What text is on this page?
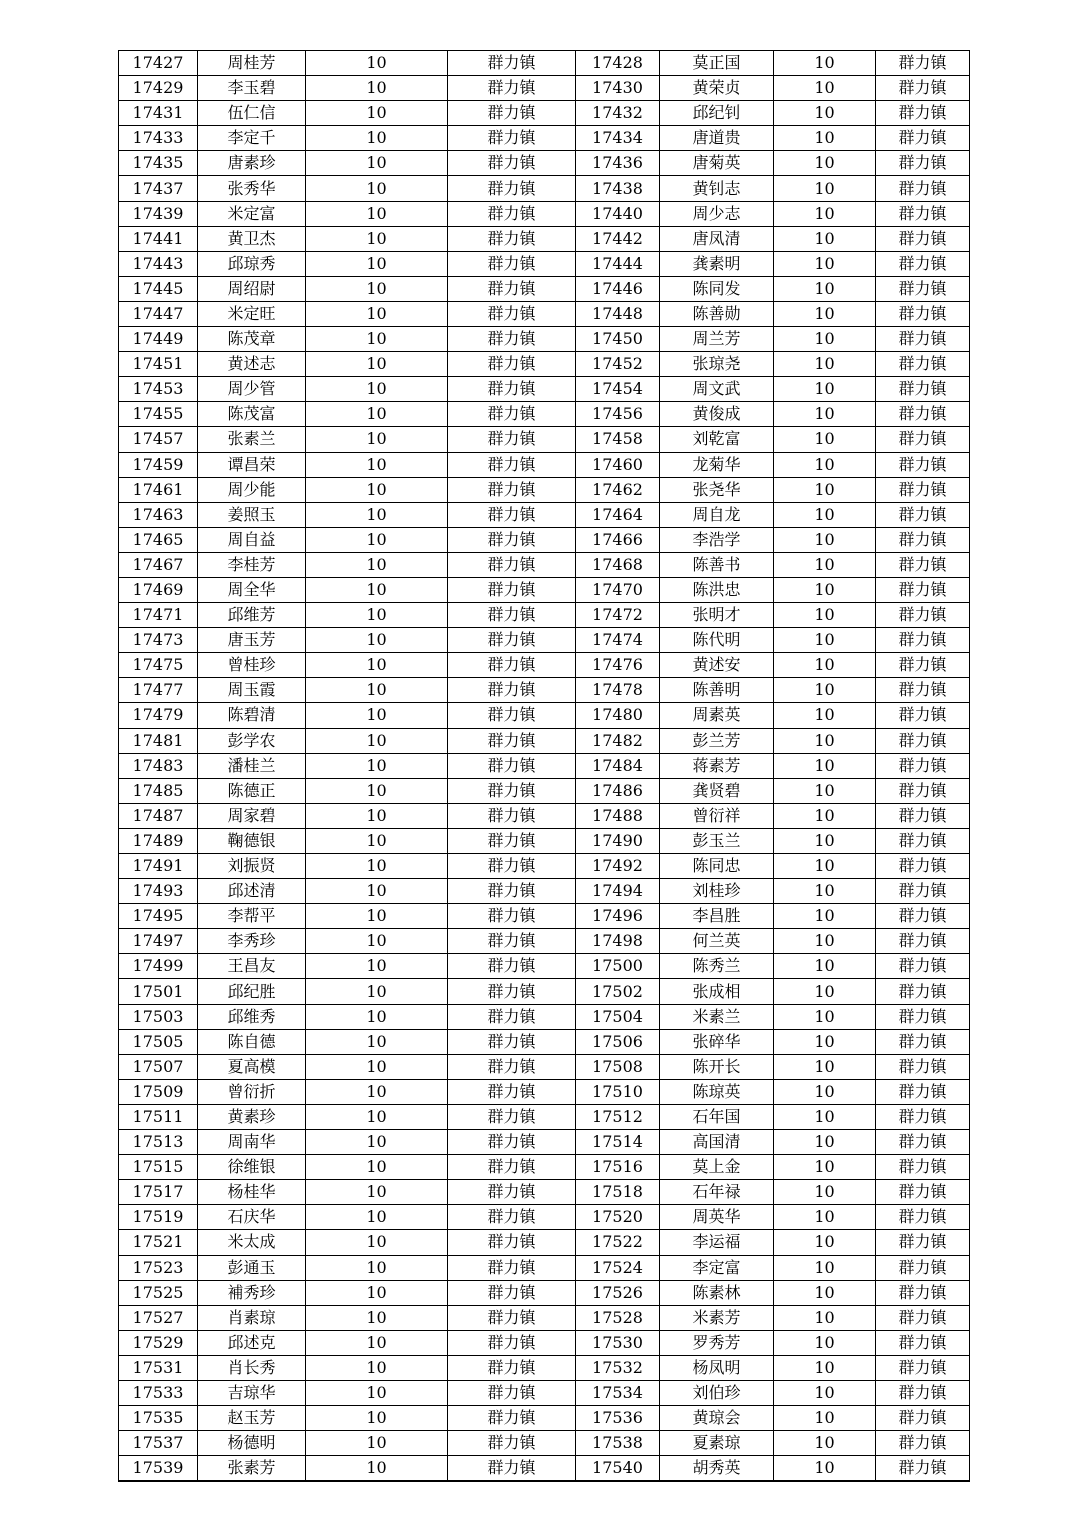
17427	周桂芳	10	群力镇	17428	莫正国	10	群力镇
17429	李玉碧	10	群力镇	17430	黄荣贞	10	群力镇
17431	伍仁信	10	群力镇	17432	邱纪钊	10	群力镇
17433	李定千	10	群力镇	17434	唐道贵	10	群力镇
17435	唐素珍	10	群力镇	17436	唐菊英	10	群力镇
17437	张秀华	10	群力镇	17438	黄钊志	10	群力镇
17439	米定富	10	群力镇	17440	周少志	10	群力镇
17441	黄卫杰	10	群力镇	17442	唐凤清	10	群力镇
17443	邱琼秀	10	群力镇	17444	龚素明	10	群力镇
17445	周绍尉	10	群力镇	17446	陈同发	10	群力镇
17447	米定旺	10	群力镇	17448	陈善勋	10	群力镇
17449	陈茂章	10	群力镇	17450	周兰芳	10	群力镇
17451	黄述志	10	群力镇	17452	张琼尧	10	群力镇
17453	周少管	10	群力镇	17454	周文武	10	群力镇
17455	陈茂富	10	群力镇	17456	黄俊成	10	群力镇
17457	张素兰	10	群力镇	17458	刘乾富	10	群力镇
17459	谭昌荣	10	群力镇	17460	龙菊华	10	群力镇
17461	周少能	10	群力镇	17462	张尧华	10	群力镇
17463	姜照玉	10	群力镇	17464	周自龙	10	群力镇
17465	周自益	10	群力镇	17466	李浩学	10	群力镇
17467	李桂芳	10	群力镇	17468	陈善书	10	群力镇
17469	周全华	10	群力镇	17470	陈洪忠	10	群力镇
17471	邱维芳	10	群力镇	17472	张明才	10	群力镇
17473	唐玉芳	10	群力镇	17474	陈代明	10	群力镇
17475	曾桂珍	10	群力镇	17476	黄述安	10	群力镇
17477	周玉霞	10	群力镇	17478	陈善明	10	群力镇
17479	陈碧清	10	群力镇	17480	周素英	10	群力镇
17481	彭学农	10	群力镇	17482	彭兰芳	10	群力镇
17483	潘桂兰	10	群力镇	17484	蒋素芳	10	群力镇
17485	陈德正	10	群力镇	17486	龚贤碧	10	群力镇
17487	周家碧	10	群力镇	17488	曾衍祥	10	群力镇
17489	鞠德银	10	群力镇	17490	彭玉兰	10	群力镇
17491	刘振贤	10	群力镇	17492	陈同忠	10	群力镇
17493	邱述清	10	群力镇	17494	刘桂珍	10	群力镇
17495	李帮平	10	群力镇	17496	李昌胜	10	群力镇
17497	李秀珍	10	群力镇	17498	何兰英	10	群力镇
17499	王昌友	10	群力镇	17500	陈秀兰	10	群力镇
17501	邱纪胜	10	群力镇	17502	张成相	10	群力镇
17503	邱维秀	10	群力镇	17504	米素兰	10	群力镇
17505	陈自德	10	群力镇	17506	张碎华	10	群力镇
17507	夏高模	10	群力镇	17508	陈开长	10	群力镇
17509	曾衍折	10	群力镇	17510	陈琼英	10	群力镇
17511	黄素珍	10	群力镇	17512	石年国	10	群力镇
17513	周南华	10	群力镇	17514	高国清	10	群力镇
17515	徐维银	10	群力镇	17516	莫上金	10	群力镇
17517	杨桂华	10	群力镇	17518	石年禄	10	群力镇
17519	石庆华	10	群力镇	17520	周英华	10	群力镇
17521	米太成	10	群力镇	17522	李运福	10	群力镇
17523	彭通玉	10	群力镇	17524	李定富	10	群力镇
17525	補秀珍	10	群力镇	17526	陈素林	10	群力镇
17527	肖素琼	10	群力镇	17528	米素芳	10	群力镇
17529	邱述克	10	群力镇	17530	罗秀芳	10	群力镇
17531	肖长秀	10	群力镇	17532	杨凤明	10	群力镇
17533	吉琼华	10	群力镇	17534	刘伯珍	10	群力镇
17535	赵玉芳	10	群力镇	17536	黄琼会	10	群力镇
17537	杨德明	10	群力镇	17538	夏素琼	10	群力镇
17539	张素芳	10	群力镇	17540	胡秀英	10	群力镇
